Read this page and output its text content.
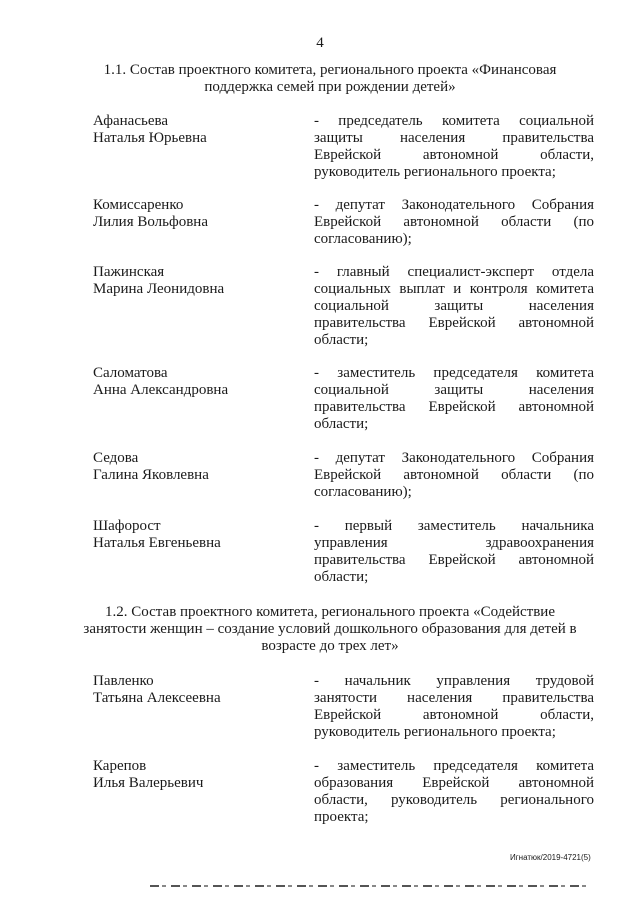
4
1.1. Состав проектного комитета, регионального проекта «Финансовая
поддержка семей при рождении детей»
Афанасьева
Наталья Юрьевна
- председатель комитета социальной
защиты населения правительства
Еврейской автономной области,
руководитель регионального проекта;
Комиссаренко
Лилия Вольфовна
- депутат Законодательного Собрания
Еврейской автономной области (по
согласованию);
Пажинская
Марина Леонидовна
- главный специалист-эксперт отдела
социальных выплат и контроля комитета
социальной защиты населения
правительства Еврейской автономной
области;
Саломатова
Анна Александровна
- заместитель председателя комитета
социальной защиты населения
правительства Еврейской автономной
области;
Седова
Галина Яковлевна
- депутат Законодательного Собрания
Еврейской автономной области (по
согласованию);
Шафорост
Наталья Евгеньевна
- первый заместитель начальника
управления здравоохранения
правительства Еврейской автономной
области;
1.2. Состав проектного комитета, регионального проекта «Содействие
занятости женщин – создание условий дошкольного образования для детей в
возрасте до трех лет»
Павленко
Татьяна Алексеевна
- начальник управления трудовой
занятости населения правительства
Еврейской автономной области,
руководитель регионального проекта;
Карепов
Илья Валерьевич
- заместитель председателя комитета
образования Еврейской автономной
области, руководитель регионального
проекта;
Игнатюк/2019-4721(5)
